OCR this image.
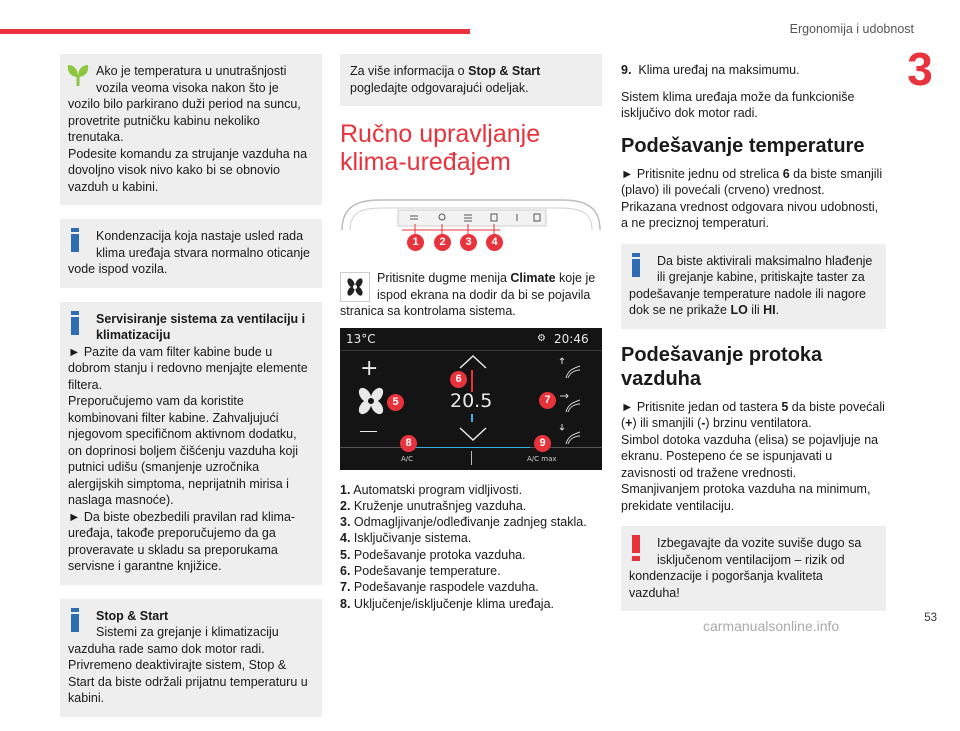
Ergonomija i udobnost
3

Ako je temperatura u unutrašnjosti vozila veoma visoka nakon što je vozilo bilo parkirano duži period na suncu, provetrite putničku kabinu nekoliko trenutaka.

Podesite komandu za strujanje vazduha na dovoljno visok nivo kako bi se obnovio vazduh u kabini.

Kondenzacija koja nastaje usled rada klima uređaja stvara normalno oticanje vode ispod vozila.

Servisiranje sistema za ventilaciju i klimatizaciju

► Pazite da vam filter kabine bude u dobrom stanju i redovno menjajte elemente filtera.

Preporučujemo vam da koristite kombinovani filter kabine. Zahvaljujući njegovom specifičnom aktivnom dodatku, on doprinosi boljem čišćenju vazduha koji putnici udišu (smanjenje uzročnika alergijskih simptoma, neprijatnih mirisa i naslaga masnoće).

► Da biste obezbedili pravilan rad klima-uređaja, takođe preporučujemo da ga proveravate u skladu sa preporukama servisne i garantne knjižice.

Stop & Start

Sistemi za grejanje i klimatizaciju vazduha rade samo dok motor radi.

Privremeno deaktivirajte sistem, Stop & Start da biste održali prijatnu temperaturu u kabini.

Za više informacija o Stop & Start pogledajte odgovarajući odeljak.

Ručno upravljanje klima-uređajem
1	2	3	4

Pritisnite dugme menija Climate koje je ispod ekrana na dodir da bi se pojavila stranica sa kontrolama sistema.

13°C	⚙ 20:46
+
20.5
A/C	A/C max
5
6
7
8	9
1. Automatski program vidljivosti.
2. Kruženje unutrašnjeg vazduha.
3. Odmagljivanje/odleđivanje zadnjeg stakla.
4. Isključivanje sistema.
5. Podešavanje protoka vazduha.
6. Podešavanje temperature.
7. Podešavanje raspodele vazduha.
8. Uključenje/isključenje klima uređaja.

9. Klima uređaj na maksimumu.

Sistem klima uređaja može da funkcioniše isključivo dok motor radi.

Podešavanje temperature

► Pritisnite jednu od strelica 6 da biste smanjili (plavo) ili povećali (crveno) vrednost.

Prikazana vrednost odgovara nivou udobnosti, a ne preciznoj temperaturi.

Da biste aktivirali maksimalno hlađenje ili grejanje kabine, pritiskajte taster za podešavanje temperature nadole ili nagore dok se ne prikaže LO ili HI.

Podešavanje protoka vazduha

► Pritisnite jedan od tastera 5 da biste povećali (+) ili smanjili (-) brzinu ventilatora.

Simbol dotoka vazduha (elisa) se pojavljuje na ekranu. Postepeno će se ispunjavati u zavisnosti od tražene vrednosti.

Smanjivanjem protoka vazduha na minimum, prekidate ventilaciju.

Izbegavajte da vozite suviše dugo sa isključenom ventilacijom – rizik od kondenzacije i pogoršanja kvaliteta vazduha!

carmanualsonline.info	53
